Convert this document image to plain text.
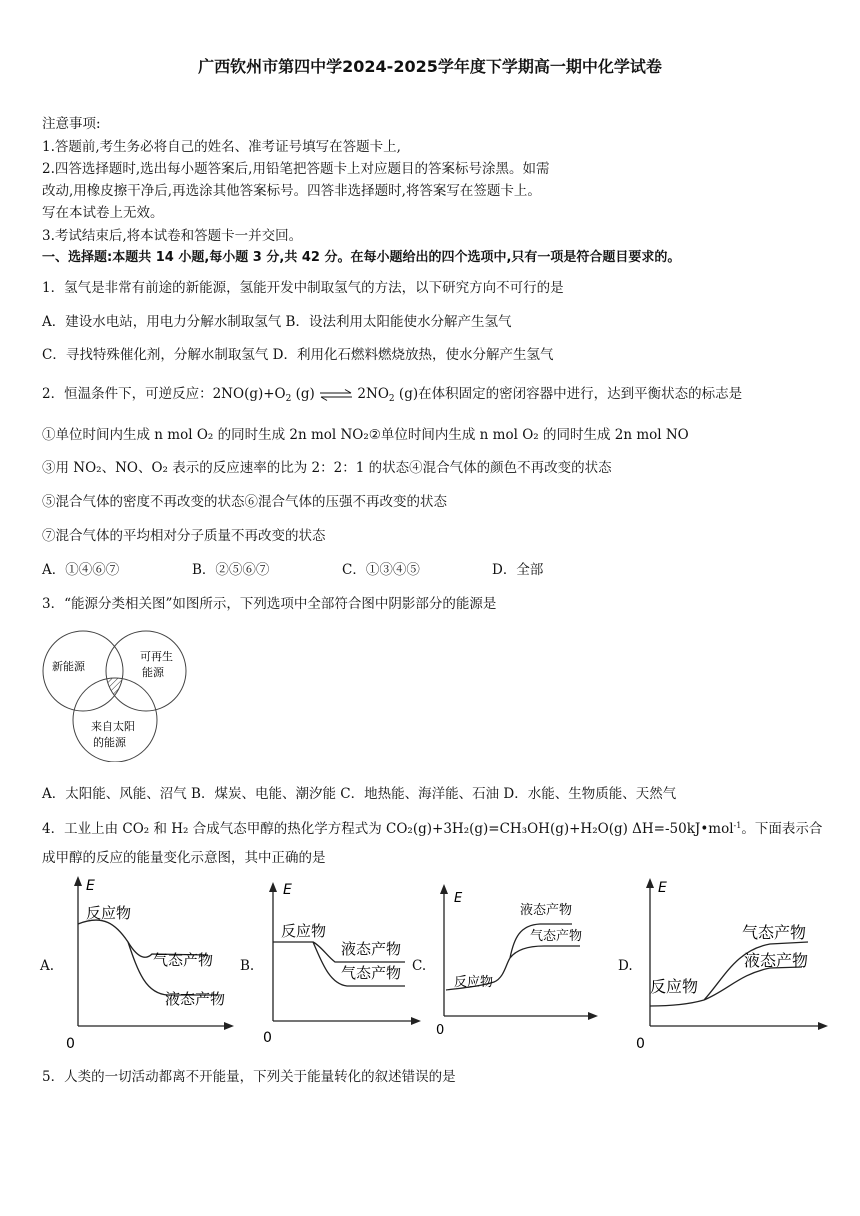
广西钦州市第四中学2024-2025学年度下学期高一期中化学试卷
注意事项:
1.答题前,考生务必将自己的姓名、准考证号填写在答题卡上,
2.四答选择题时,选出每小题答案后,用铅笔把答题卡上对应题目的答案标号涂黑。如需
改动,用橡皮擦干净后,再选涂其他答案标号。四答非选择题时,将答案写在签题卡上。
写在本试卷上无效。
3.考试结束后,将本试卷和答题卡一并交回。
一、选择题:本题共 14 小题,每小题 3 分,共 42 分。在每小题给出的四个选项中,只有一项是符合题目要求的。
1．氢气是非常有前途的新能源，氢能开发中制取氢气的方法，以下研究方向不可行的是
A．建设水电站，用电力分解水制取氢气 B．设法利用太阳能使水分解产生氢气
C．寻找特殊催化剂，分解水制取氢气 D．利用化石燃料燃烧放热，使水分解产生氢气
2．恒温条件下，可逆反应：$2NO(g)+O_2$ (g) ⇌ $2NO_2$ (g)在体积固定的密闭容器中进行，达到平衡状态的标志是
①单位时间内生成 n mol O₂ 的同时生成 2n mol NO₂②单位时间内生成 n mol O₂ 的同时生成 2n mol NO
③用 NO₂、NO、O₂ 表示的反应速率的比为 2：2：1 的状态④混合气体的颜色不再改变的状态
⑤混合气体的密度不再改变的状态⑥混合气体的压强不再改变的状态
⑦混合气体的平均相对分子质量不再改变的状态
A．①④⑥⑦	B．②⑤⑥⑦	C．①③④⑤	D．全部
3．“能源分类相关图”如图所示，下列选项中全部符合图中阴影部分的能源是
新能源
可再生
能源
来自太阳
的能源
A．太阳能、风能、沼气 B．煤炭、电能、潮汐能 C．地热能、海洋能、石油 D．水能、生物质能、天然气
4．工业上由 CO₂ 和 H₂ 合成气态甲醇的热化学方程式为 CO₂(g)+3H₂(g)=CH₃OH(g)+H₂O(g) ΔH=-50kJ•mol$^{-1}$。下面表示合
成甲醇的反应的能量变化示意图，其中正确的是
A.
E
0
反应物
气态产物
液态产物
B.
E
0
反应物
液态产物
气态产物 C.
E
0
反应物
液态产物
气态产物
D.
E
0
反应物
气态产物
液态产物
5．人类的一切活动都离不开能量，下列关于能量转化的叙述错误的是
